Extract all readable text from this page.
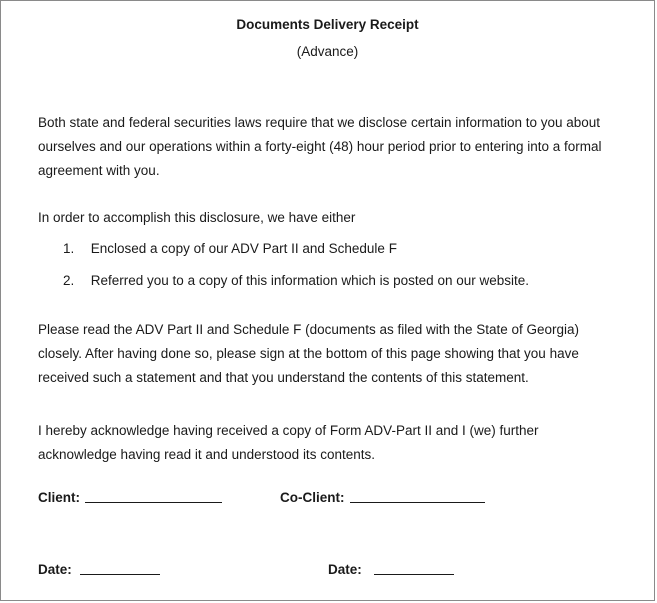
Documents Delivery Receipt
(Advance)
Both state and federal securities laws require that we disclose certain information to you about
ourselves and our operations within a forty-eight (48) hour period prior to entering into a formal
agreement with you.
In order to accomplish this disclosure, we have either
1. Enclosed a copy of our ADV Part II and Schedule F
2. Referred you to a copy of this information which is posted on our website.
Please read the ADV Part II and Schedule F (documents as filed with the State of Georgia)
closely. After having done so, please sign at the bottom of this page showing that you have
received such a statement and that you understand the contents of this statement.
I hereby acknowledge having received a copy of Form ADV-Part II and I (we) further
acknowledge having read it and understood its contents.
Client:	Co-Client:
Date:	Date:
